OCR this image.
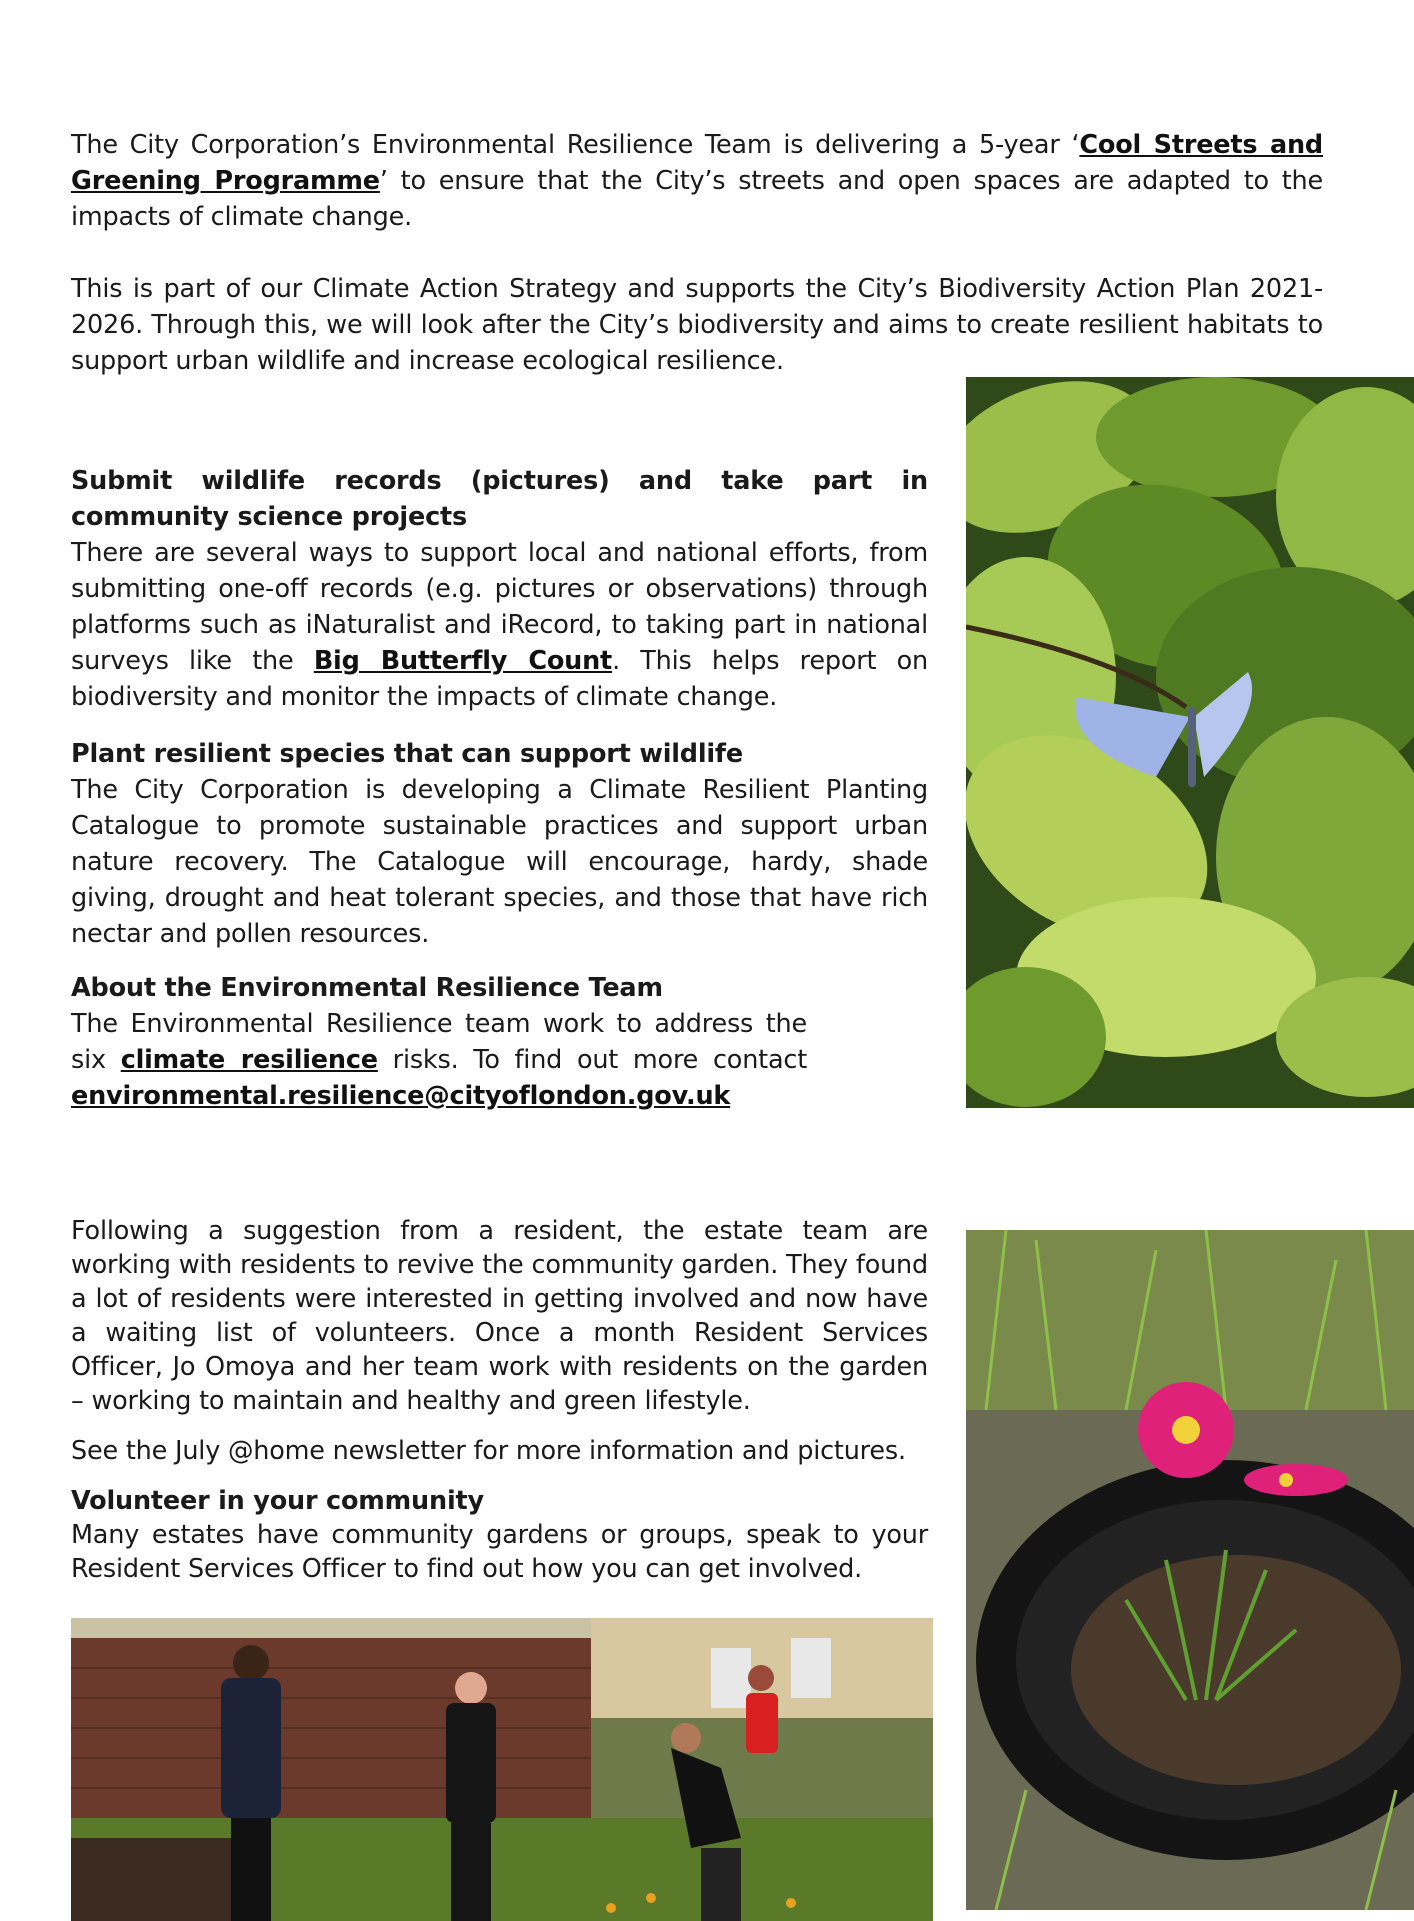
The City Corporation’s Environmental Resilience Team is delivering a 5-year ‘Cool Streets and Greening Programme’ to ensure that the City’s streets and open spaces are adapted to the impacts of climate change.

This is part of our Climate Action Strategy and supports the City’s Biodiversity Action Plan 2021-2026. Through this, we will look after the City’s biodiversity and aims to create resilient habitats to support urban wildlife and increase ecological resilience.

Submit wildlife records (pictures) and take part in community science projects

There are several ways to support local and national efforts, from submitting one-off records (e.g. pictures or observations) through platforms such as iNaturalist and iRecord, to taking part in national surveys like the Big Butterfly Count. This helps report on biodiversity and monitor the impacts of climate change.

Plant resilient species that can support wildlife

The City Corporation is developing a Climate Resilient Planting Catalogue to promote sustainable practices and support urban nature recovery. The Catalogue will encourage, hardy, shade giving, drought and heat tolerant species, and those that have rich nectar and pollen resources.

About the Environmental Resilience Team

The Environmental Resilience team work to address the six climate resilience risks. To find out more contact

environmental.resilience@cityoflondon.gov.uk

Following a suggestion from a resident, the estate team are working with residents to revive the community garden. They found a lot of residents were interested in getting involved and now have a waiting list of volunteers. Once a month Resident Services Officer, Jo Omoya and her team work with residents on the garden – working to maintain and healthy and green lifestyle.

See the July @home newsletter for more information and pictures.

Volunteer in your community

Many estates have community gardens or groups, speak to your Resident Services Officer to find out how you can get involved.
